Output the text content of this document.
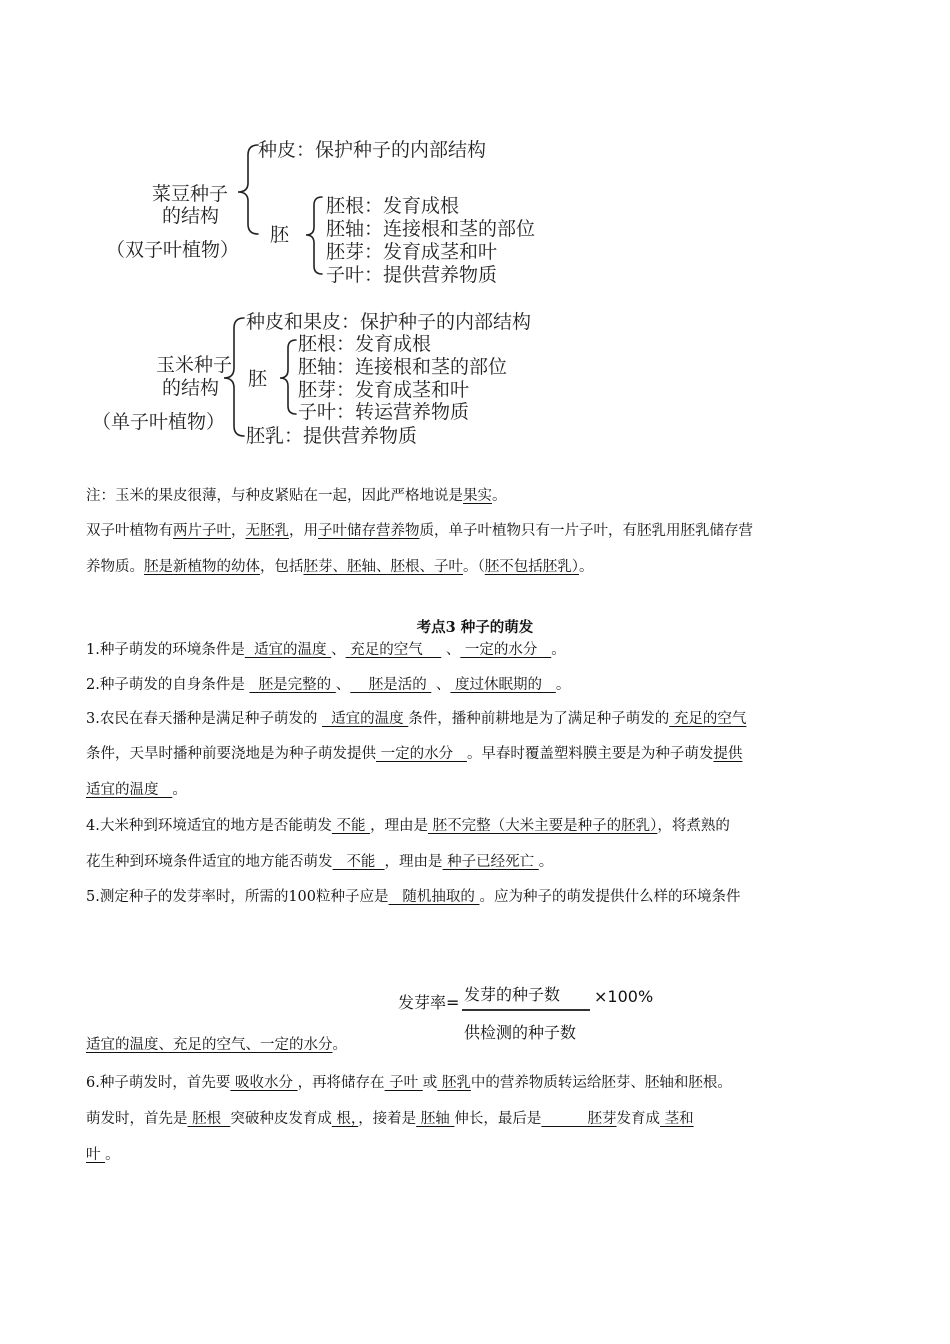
菜豆种子
的结构
（双子叶植物）
种皮：保护种子的内部结构
胚
胚根：发育成根
胚轴：连接根和茎的部位
胚芽：发育成茎和叶
子叶：提供营养物质
玉米种子
的结构
（单子叶植物）
种皮和果皮：保护种子的内部结构
胚
胚根：发育成根
胚轴：连接根和茎的部位
胚芽：发育成茎和叶
子叶：转运营养物质
胚乳：提供营养物质
注：玉米的果皮很薄，与种皮紧贴在一起，因此严格地说是果实。
双子叶植物有两片子叶，无胚乳，用子叶储存营养物质，单子叶植物只有一片子叶，有胚乳用胚乳储存营
养物质。胚是新植物的幼体，包括胚芽、胚轴、胚根、子叶。（胚不包括胚乳）。
考点3 种子的萌发
1.种子萌发的环境条件是  适宜的温度 、 充足的空气     、 一定的水分   。
2.种子萌发的自身条件是   胚是完整的 、    胚是活的  、 度过休眠期的   。
3.农民在春天播种是满足种子萌发的   适宜的温度 条件，播种前耕地是为了满足种子萌发的 充足的空气
条件，天旱时播种前要浇地是为种子萌发提供 一定的水分   。早春时覆盖塑料膜主要是为种子萌发提供
适宜的温度   。
4.大米种到环境适宜的地方是否能萌发 不能 ，理由是 胚不完整（大米主要是种子的胚乳），将煮熟的
花生种到环境条件适宜的地方能否萌发   不能  ，理由是 种子已经死亡 。
5.测定种子的发芽率时，所需的100粒种子应是   随机抽取的 。应为种子的萌发提供什么样的环境条件
发芽率= 发芽的种子数
供检测的种子数
×100%
适宜的温度、充足的空气、一定的水分。
6.种子萌发时，首先要 吸收水分 ，再将储存在 子叶 或 胚乳中的营养物质转运给胚芽、胚轴和胚根。
萌发时，首先是 胚根  突破种皮发育成 根，，接着是 胚轴 伸长，最后是          胚芽发育成 茎和
叶 。
